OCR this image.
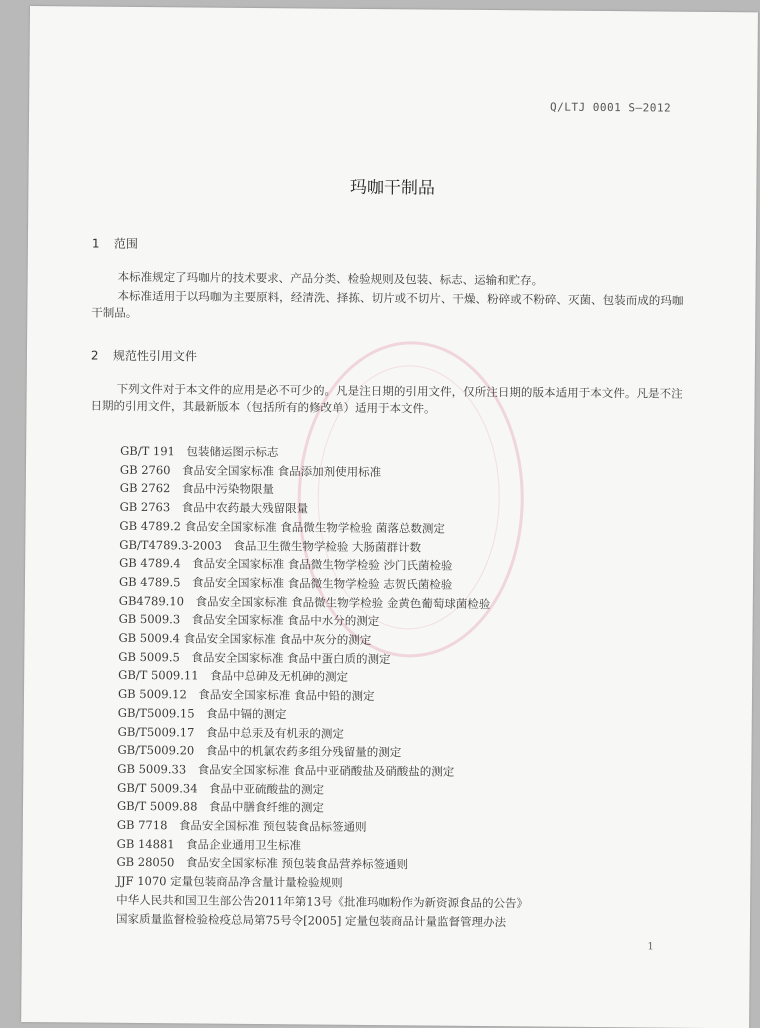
Q/LTJ 0001 S—2012
玛咖干制品
1 范围
本标准规定了玛咖片的技术要求、产品分类、检验规则及包装、标志、运输和贮存。
本标准适用于以玛咖为主要原料，经清洗、择拣、切片或不切片、干燥、粉碎或不粉碎、灭菌、包装而成的玛咖干制品。
2 规范性引用文件
下列文件对于本文件的应用是必不可少的。凡是注日期的引用文件，仅所注日期的版本适用于本文件。凡是不注日期的引用文件，其最新版本（包括所有的修改单）适用于本文件。
GB/T 191　包装储运图示标志
GB 2760　食品安全国家标准 食品添加剂使用标准
GB 2762　食品中污染物限量
GB 2763　食品中农药最大残留限量
GB 4789.2 食品安全国家标准 食品微生物学检验 菌落总数测定
GB/T4789.3-2003　食品卫生微生物学检验 大肠菌群计数
GB 4789.4　食品安全国家标准 食品微生物学检验 沙门氏菌检验
GB 4789.5　食品安全国家标准 食品微生物学检验 志贺氏菌检验
GB4789.10　食品安全国家标准 食品微生物学检验 金黄色葡萄球菌检验
GB 5009.3　食品安全国家标准 食品中水分的测定
GB 5009.4 食品安全国家标准 食品中灰分的测定
GB 5009.5　食品安全国家标准 食品中蛋白质的测定
GB/T 5009.11　食品中总砷及无机砷的测定
GB 5009.12　食品安全国家标准 食品中铅的测定
GB/T5009.15　食品中镉的测定
GB/T5009.17　食品中总汞及有机汞的测定
GB/T5009.20　食品中的机氯农药多组分残留量的测定
GB 5009.33　食品安全国家标准 食品中亚硝酸盐及硝酸盐的测定
GB/T 5009.34　食品中亚硫酸盐的测定
GB/T 5009.88　食品中膳食纤维的测定
GB 7718　食品安全国标准 预包装食品标签通则
GB 14881　食品企业通用卫生标准
GB 28050　食品安全国家标准 预包装食品营养标签通则
JJF 1070 定量包装商品净含量计量检验规则
中华人民共和国卫生部公告2011年第13号《批准玛咖粉作为新资源食品的公告》
国家质量监督检验检疫总局第75号令[2005] 定量包装商品计量监督管理办法
1
